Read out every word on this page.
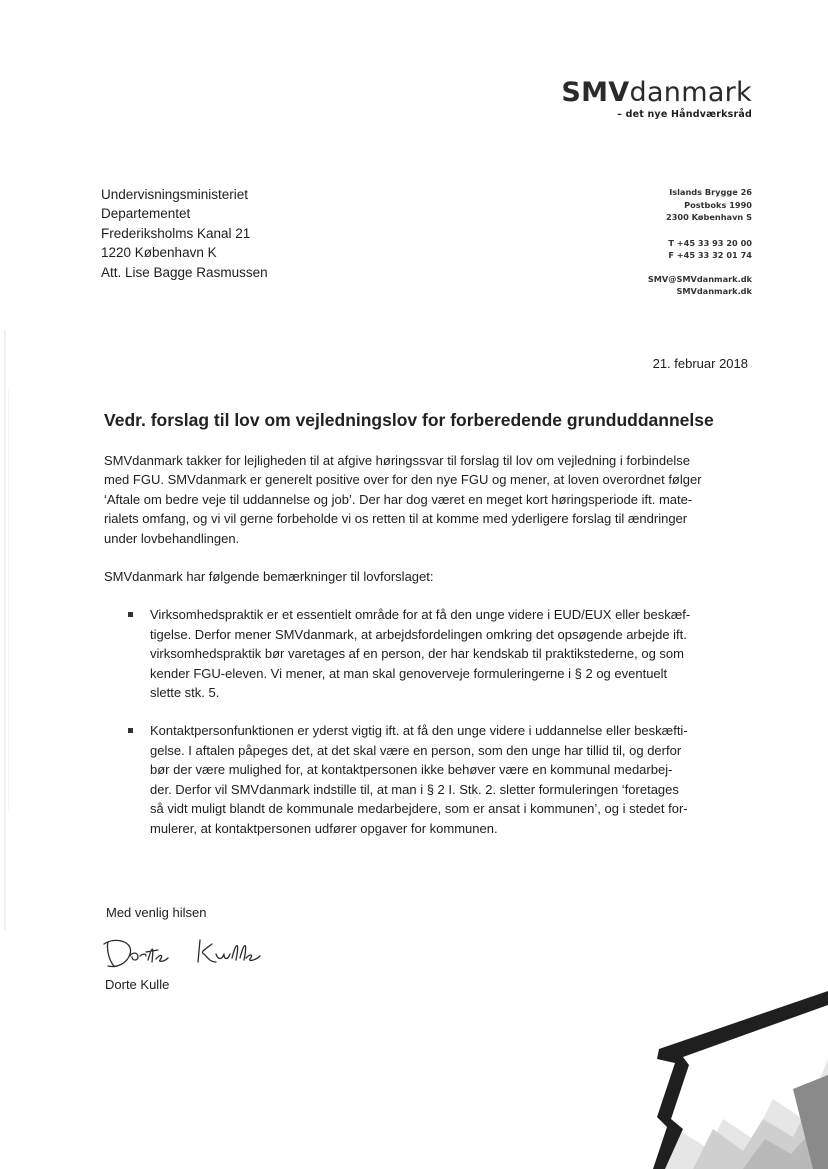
SMVdanmark
– det nye Håndværksråd
Undervisningsministeriet
Departementet
Frederiksholms Kanal 21
1220 København K
Att. Lise Bagge Rasmussen
Islands Brygge 26
Postboks 1990
2300 København S
T +45 33 93 20 00
F +45 33 32 01 74
SMV@SMVdanmark.dk
SMVdanmark.dk
21. februar 2018
Vedr. forslag til lov om vejledningslov for forberedende grunduddannelse

SMVdanmark takker for lejligheden til at afgive høringssvar til forslag til lov om vejledning i forbindelse
med FGU. SMVdanmark er generelt positive over for den nye FGU og mener, at loven overordnet følger
‘Aftale om bedre veje til uddannelse og job’. Der har dog været en meget kort høringsperiode ift. mate-
rialets omfang, og vi vil gerne forbeholde vi os retten til at komme med yderligere forslag til ændringer
under lovbehandlingen.

SMVdanmark har følgende bemærkninger til lovforslaget:

Virksomhedspraktik er et essentielt område for at få den unge videre i EUD/EUX eller beskæf-
tigelse. Derfor mener SMVdanmark, at arbejdsfordelingen omkring det opsøgende arbejde ift.
virksomhedspraktik bør varetages af en person, der har kendskab til praktikstederne, og som
kender FGU-eleven. Vi mener, at man skal genoverveje formuleringerne i § 2 og eventuelt
slette stk. 5.
Kontaktpersonfunktionen er yderst vigtig ift. at få den unge videre i uddannelse eller beskæfti-
gelse. I aftalen påpeges det, at det skal være en person, som den unge har tillid til, og derfor
bør der være mulighed for, at kontaktpersonen ikke behøver være en kommunal medarbej-
der. Derfor vil SMVdanmark indstille til, at man i § 2 I. Stk. 2. sletter formuleringen ‘foretages
så vidt muligt blandt de kommunale medarbejdere, som er ansat i kommunen’, og i stedet for-
mulerer, at kontaktpersonen udfører opgaver for kommunen.
Med venlig hilsen
Dorte Kulle
